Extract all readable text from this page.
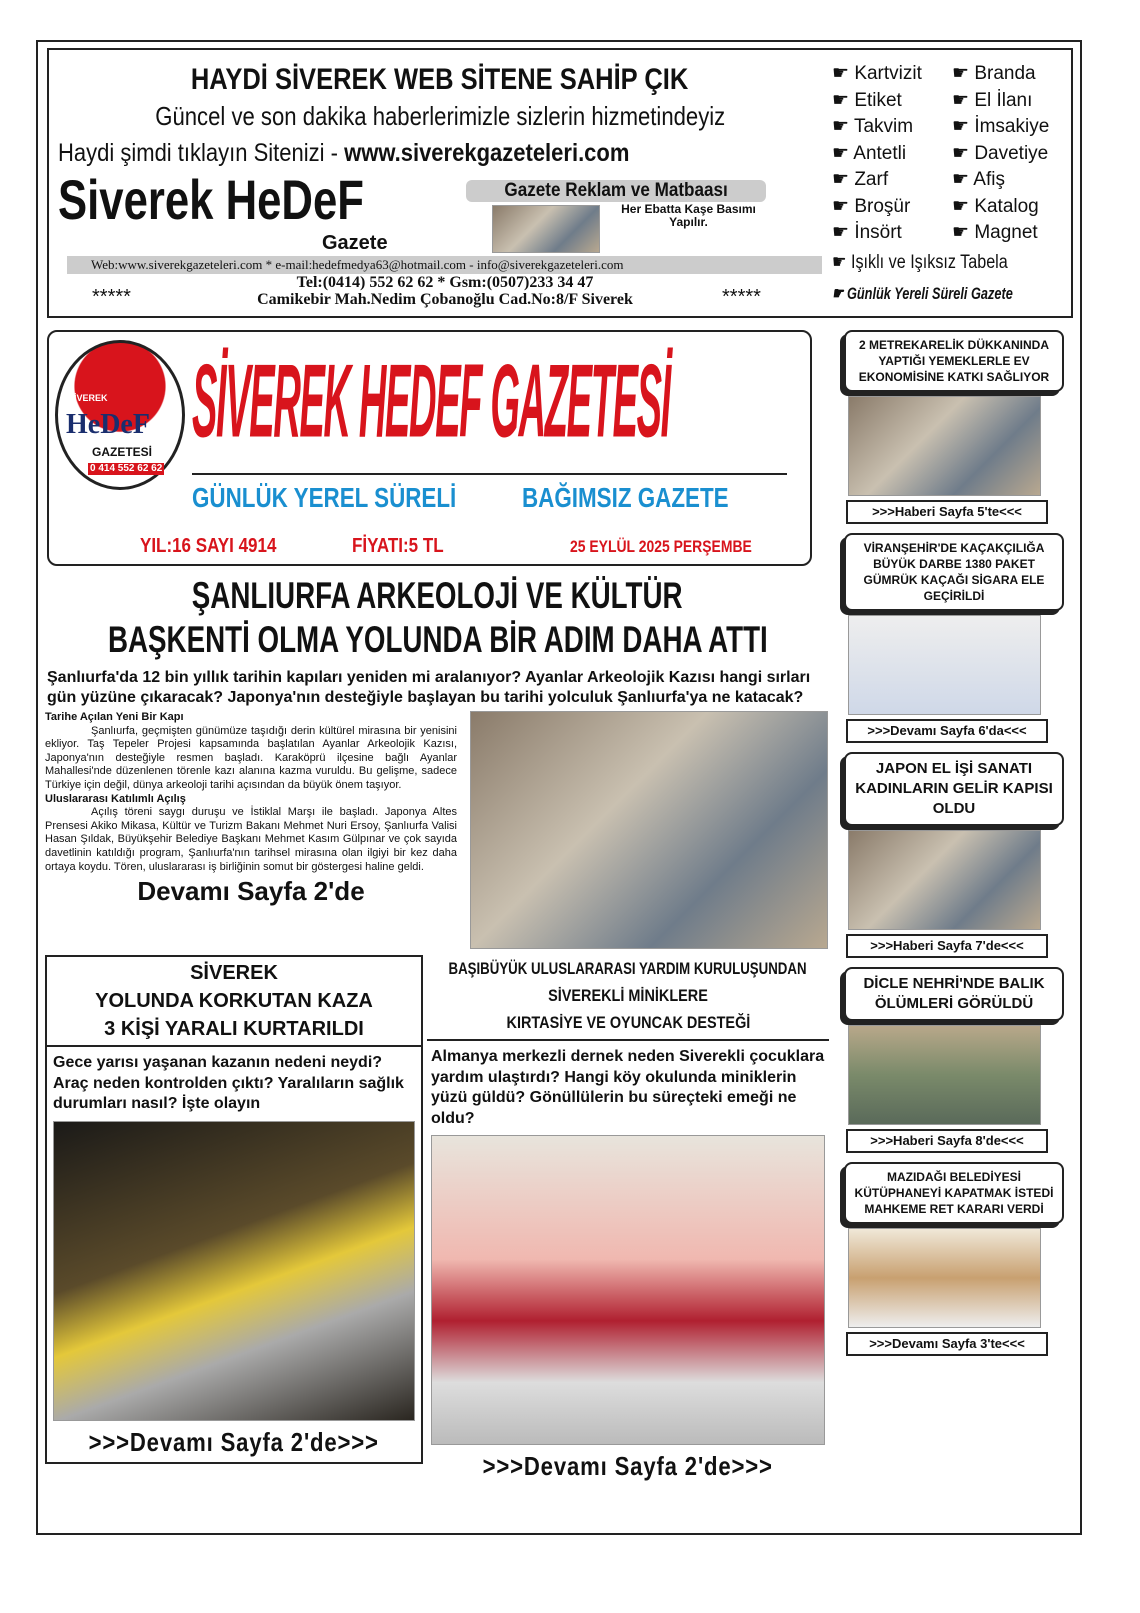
HAYDİ SİVEREK WEB SİTENE SAHİP ÇIK
Güncel ve son dakika haberlerimizle sizlerin hizmetindeyiz
Haydi şimdi tıklayın Sitenizi - www.siverekgazeteleri.com
Siverek HeDeF
Gazete
Gazete Reklam ve Matbaası
Her Ebatta Kaşe Basımı Yapılır.
Web:www.siverekgazeteleri.com * e-mail:hedefmedya63@hotmail.com - info@siverekgazeteleri.com
Tel:(0414) 552 62 62 * Gsm:(0507)233 34 47
Camikebir Mah.Nedim Çobanoğlu Cad.No:8/F Siverek
*****	*****
☛ Kartvizit
☛ Etiket
☛ Takvim
☛ Antetli
☛ Zarf
☛ Broşür
☛ İnsört
☛ Branda
☛ El İlanı
☛ İmsakiye
☛ Davetiye
☛ Afiş
☛ Katalog
☛ Magnet
☛ Işıklı ve Işıksız Tabela
☛ Günlük Yereli Süreli Gazete
SİVEREK
HeDeF
GAZETESİ
0 414 552 62 62
SİVEREK HEDEF GAZETESİ
GÜNLÜK YEREL SÜRELİ	BAĞIMSIZ GAZETE
YIL:16 SAYI 4914	FİYATI:5 TL	25 EYLÜL 2025 PERŞEMBE
ŞANLIURFA ARKEOLOJİ VE KÜLTÜR
BAŞKENTİ OLMA YOLUNDA BİR ADIM DAHA ATTI
Şanlıurfa'da 12 bin yıllık tarihin kapıları yeniden mi aralanıyor? Ayanlar Arkeolojik Kazısı hangi sırları gün yüzüne çıkaracak? Japonya'nın desteğiyle başlayan bu tarihi yolculuk Şanlıurfa'ya ne katacak?
Tarihe Açılan Yeni Bir Kapı
Şanlıurfa, geçmişten günümüze taşıdığı derin kültürel mirasına bir yenisini ekliyor. Taş Tepeler Projesi kapsamında başlatılan Ayanlar Arkeolojik Kazısı, Japonya'nın desteğiyle resmen başladı. Karaköprü ilçesine bağlı Ayanlar Mahallesi'nde düzenlenen törenle kazı alanına kazma vuruldu. Bu gelişme, sadece Türkiye için değil, dünya arkeoloji tarihi açısından da büyük önem taşıyor.
Uluslararası Katılımlı Açılış
Açılış töreni saygı duruşu ve İstiklal Marşı ile başladı. Japonya Altes Prensesi Akiko Mikasa, Kültür ve Turizm Bakanı Mehmet Nuri Ersoy, Şanlıurfa Valisi Hasan Şıldak, Büyükşehir Belediye Başkanı Mehmet Kasım Gülpınar ve çok sayıda davetlinin katıldığı program, Şanlıurfa'nın tarihsel mirasına olan ilgiyi bir kez daha ortaya koydu. Tören, uluslararası iş birliğinin somut bir göstergesi haline geldi.
Devamı Sayfa 2'de
SİVEREK
YOLUNDA KORKUTAN KAZA
3 KİŞİ YARALI KURTARILDI
Gece yarısı yaşanan kazanın nedeni neydi? Araç neden kontrolden çıktı? Yaralıların sağlık durumları nasıl? İşte olayın
>>>Devamı Sayfa 2'de>>>
BAŞIBÜYÜK ULUSLARARASI YARDIM KURULUŞUNDAN
SİVEREKLİ MİNİKLERE
KIRTASİYE VE OYUNCAK DESTEĞİ
Almanya merkezli dernek neden Siverekli çocuklara yardım ulaştırdı? Hangi köy okulunda miniklerin yüzü güldü? Gönüllülerin bu süreçteki emeği ne oldu?
>>>Devamı Sayfa 2'de>>>
2 METREKARELİK DÜKKANINDA YAPTIĞI YEMEKLERLE EV EKONOMİSİNE KATKI SAĞLIYOR
>>>Haberi Sayfa 5'te<<<
VİRANŞEHİR'DE KAÇAKÇILIĞA BÜYÜK DARBE 1380 PAKET GÜMRÜK KAÇAĞI SİGARA ELE GEÇİRİLDİ
>>>Devamı Sayfa 6'da<<<
JAPON EL İŞİ SANATI KADINLARIN GELİR KAPISI OLDU
>>>Haberi Sayfa 7'de<<<
DİCLE NEHRİ'NDE BALIK ÖLÜMLERİ GÖRÜLDÜ
>>>Haberi Sayfa 8'de<<<
MAZIDAĞI BELEDİYESİ KÜTÜPHANEYİ KAPATMAK İSTEDİ MAHKEME RET KARARI VERDİ
>>>Devamı Sayfa 3'te<<<
